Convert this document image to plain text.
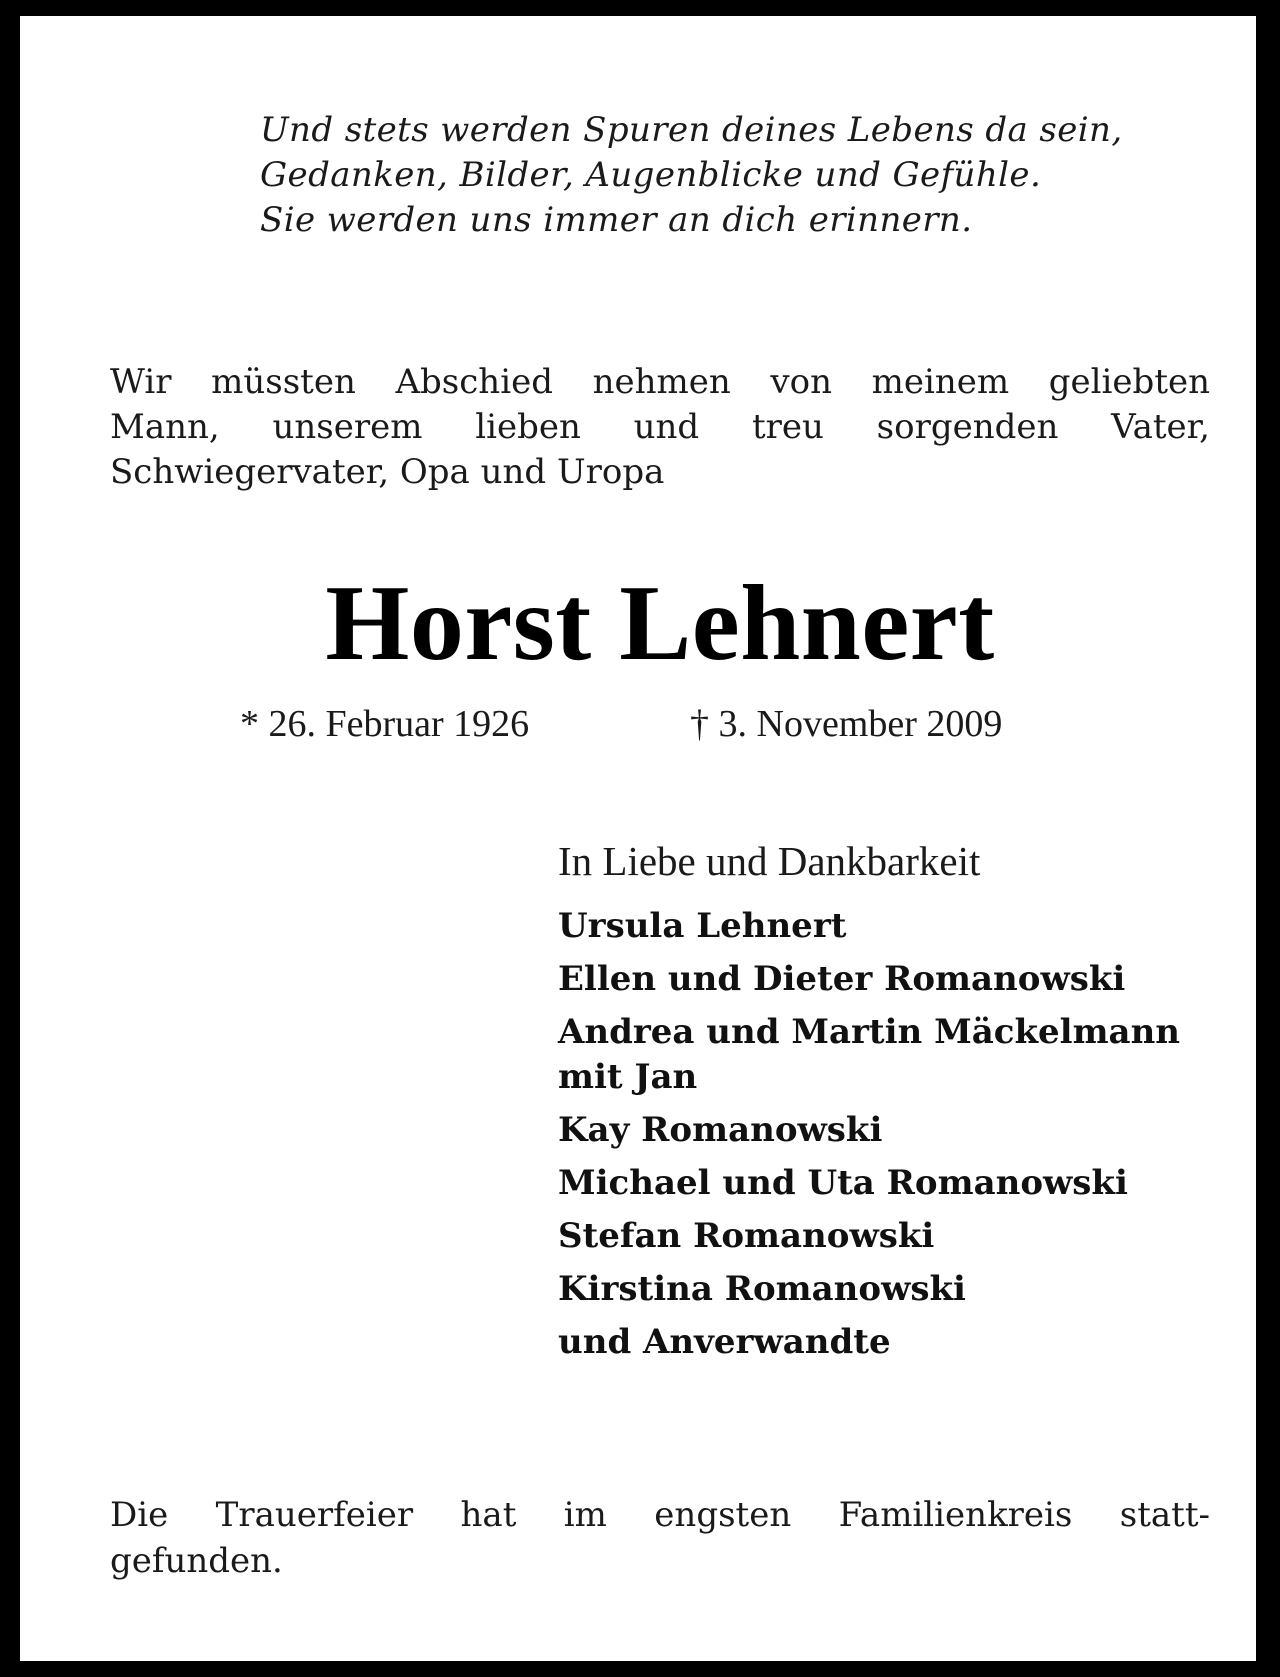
Und stets werden Spuren deines Lebens da sein,
Gedanken, Bilder, Augenblicke und Gefühle.
Sie werden uns immer an dich erinnern.
Wir müssten Abschied nehmen von meinem geliebten
Mann, unserem lieben und treu sorgenden Vater,
Schwiegervater, Opa und Uropa
Horst Lehnert
* 26. Februar 1926	† 3. November 2009
In Liebe und Dankbarkeit
Ursula Lehnert
Ellen und Dieter Romanowski
Andrea und Martin Mäckelmann mit Jan
Kay Romanowski
Michael und Uta Romanowski
Stefan Romanowski
Kirstina Romanowski
und Anverwandte
Die Trauerfeier hat im engsten Familienkreis statt-
gefunden.
